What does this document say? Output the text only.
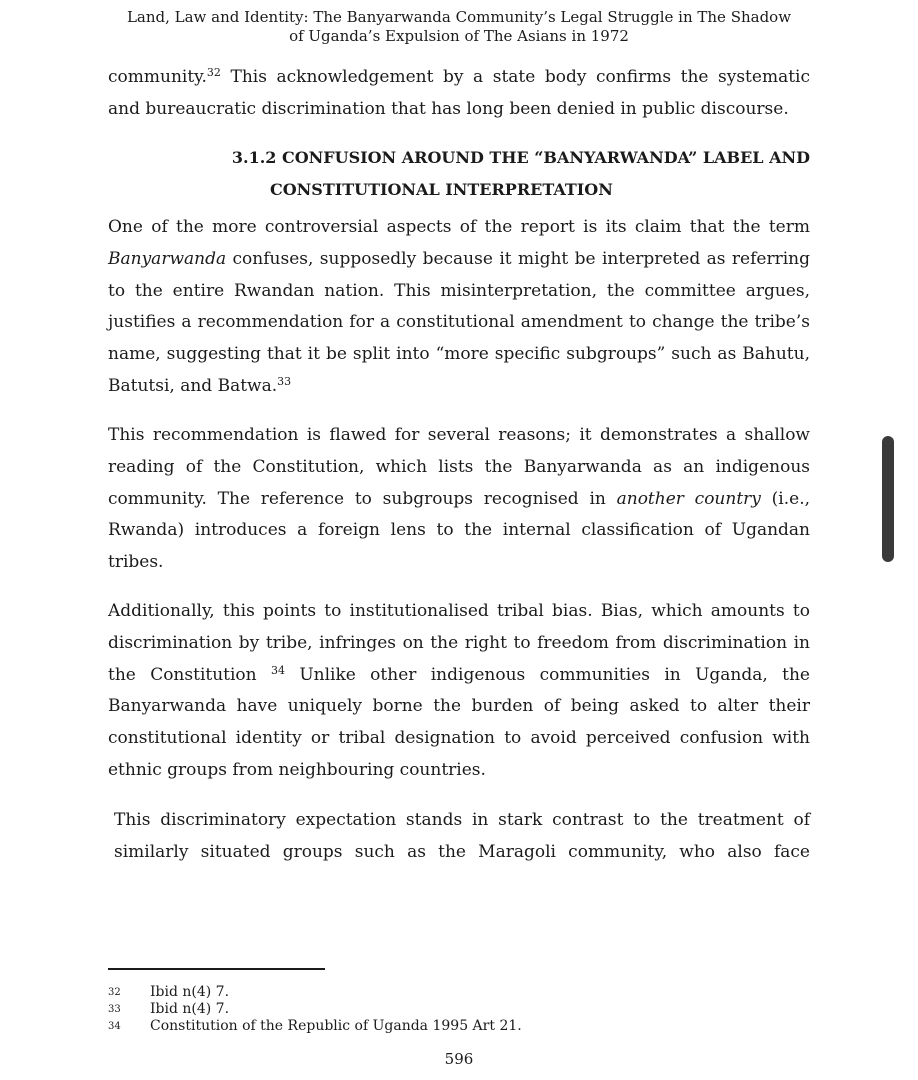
Land, Law and Identity: The Banyarwanda Community’s Legal Struggle in The Shadow
of Uganda’s Expulsion of The Asians in 1972
community.$^{32}$ This acknowledgement by a state body confirms the systematic
and bureaucratic discrimination that has long been denied in public discourse.
3.1.2 CONFUSION AROUND THE “BANYARWANDA” LABEL AND
CONSTITUTIONAL INTERPRETATION
One of the more controversial aspects of the report is its claim that the term
Banyarwanda confuses, supposedly because it might be interpreted as referring
to the entire Rwandan nation. This misinterpretation, the committee argues,
justifies a recommendation for a constitutional amendment to change the tribe’s
name, suggesting that it be split into “more specific subgroups” such as Bahutu,
Batutsi, and Batwa.$^{33}$
This recommendation is flawed for several reasons; it demonstrates a shallow
reading of the Constitution, which lists the Banyarwanda as an indigenous
community. The reference to subgroups recognised in another country (i.e.,
Rwanda) introduces a foreign lens to the internal classification of Ugandan
tribes.
Additionally, this points to institutionalised tribal bias. Bias, which amounts to
discrimination by tribe, infringes on the right to freedom from discrimination in
the Constitution $^{34}$ Unlike other indigenous communities in Uganda, the
Banyarwanda have uniquely borne the burden of being asked to alter their
constitutional identity or tribal designation to avoid perceived confusion with
ethnic groups from neighbouring countries.
This discriminatory expectation stands in stark contrast to the treatment of
similarly situated groups such as the Maragoli community, who also face
32	Ibid n(4) 7.
33	Ibid n(4) 7.
34	Constitution of the Republic of Uganda 1995 Art 21.
596
